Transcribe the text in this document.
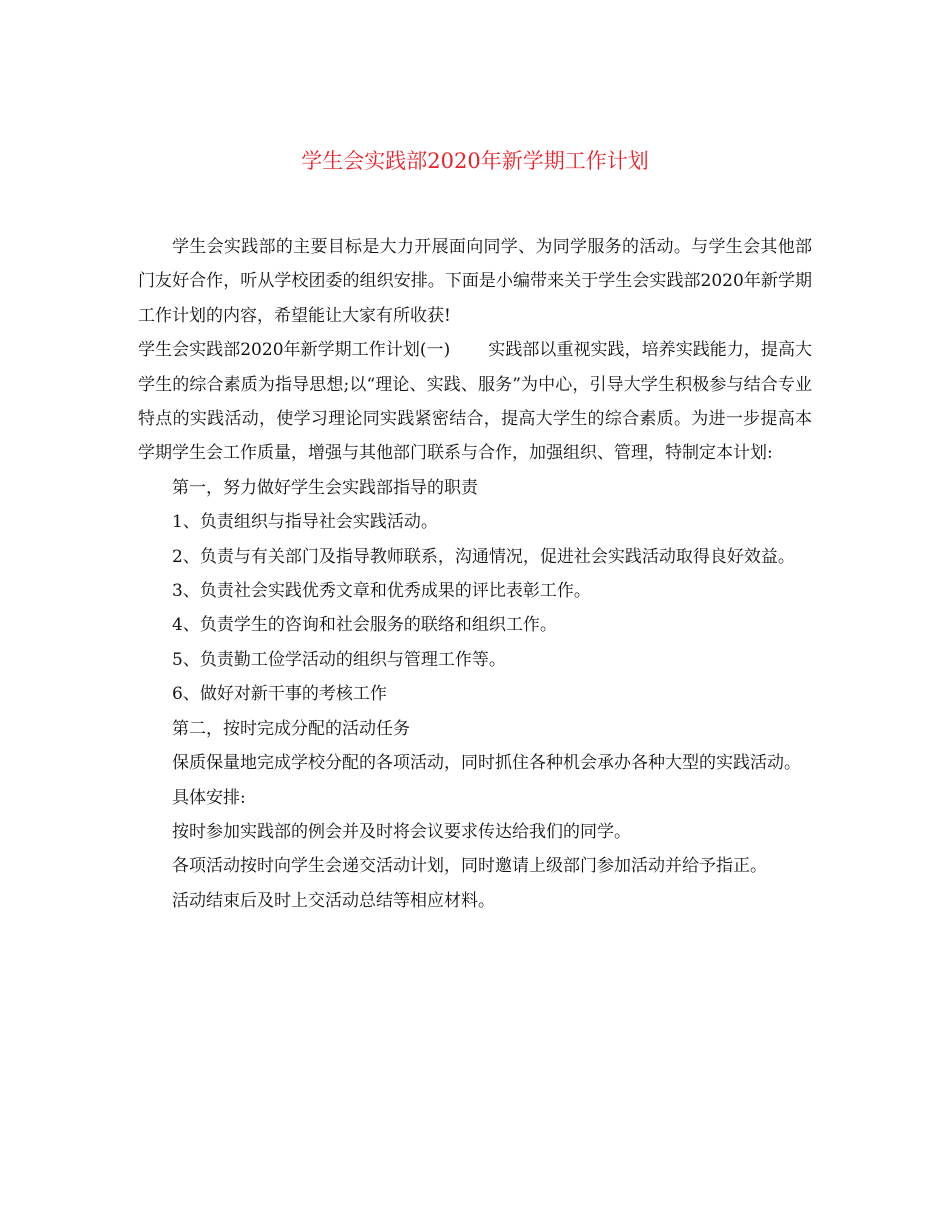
学生会实践部2020年新学期工作计划

学生会实践部的主要目标是大力开展面向同学、为同学服务的活动。与学生会其他部门友好合作，听从学校团委的组织安排。下面是小编带来关于学生会实践部2020年新学期工作计划的内容，希望能让大家有所收获!

学生会实践部2020年新学期工作计划(一) 实践部以重视实践，培养实践能力，提高大学生的综合素质为指导思想;以“理论、实践、服务”为中心，引导大学生积极参与结合专业特点的实践活动，使学习理论同实践紧密结合，提高大学生的综合素质。为进一步提高本学期学生会工作质量，增强与其他部门联系与合作，加强组织、管理，特制定本计划:

第一，努力做好学生会实践部指导的职责

1、负责组织与指导社会实践活动。

2、负责与有关部门及指导教师联系，沟通情况，促进社会实践活动取得良好效益。

3、负责社会实践优秀文章和优秀成果的评比表彰工作。

4、负责学生的咨询和社会服务的联络和组织工作。

5、负责勤工俭学活动的组织与管理工作等。

6、做好对新干事的考核工作

第二，按时完成分配的活动任务

保质保量地完成学校分配的各项活动，同时抓住各种机会承办各种大型的实践活动。

具体安排:

按时参加实践部的例会并及时将会议要求传达给我们的同学。

各项活动按时向学生会递交活动计划，同时邀请上级部门参加活动并给予指正。

活动结束后及时上交活动总结等相应材料。
